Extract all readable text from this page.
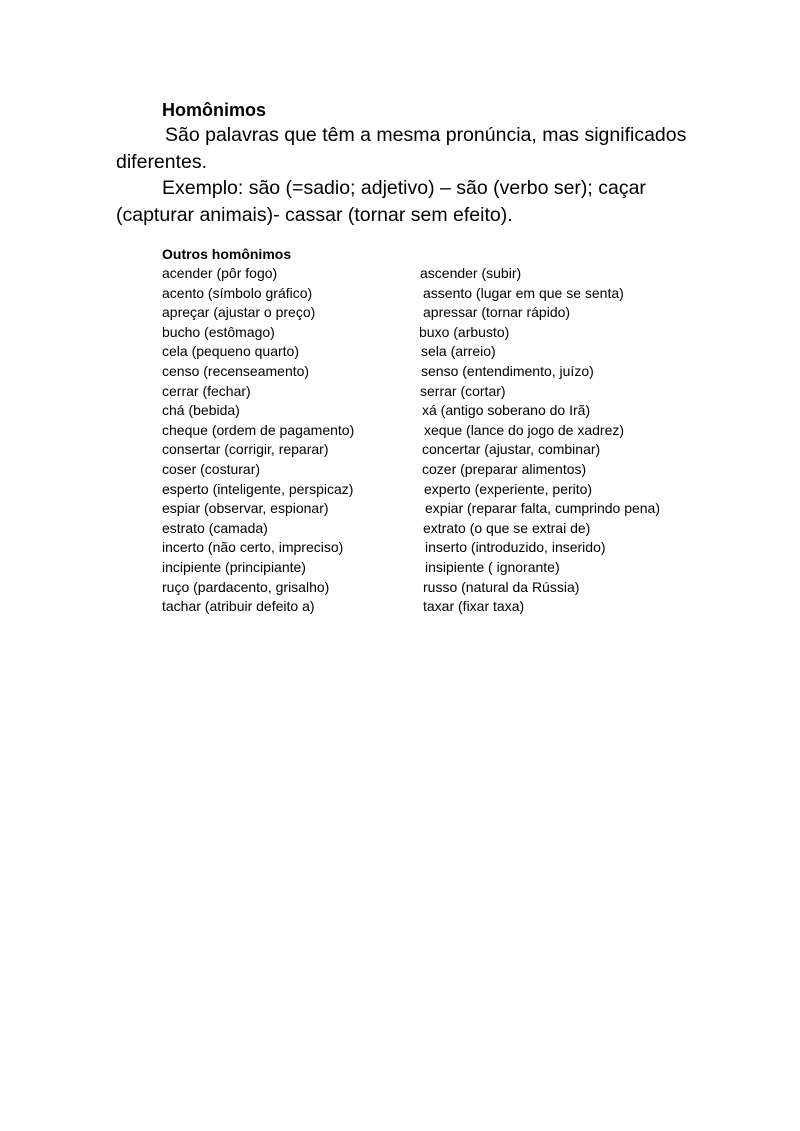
Homônimos

São palavras que têm a mesma pronúncia, mas significados
diferentes.

Exemplo: são (=sadio; adjetivo) – são (verbo ser); caçar
(capturar animais)- cassar (tornar sem efeito).

Outros homônimos
acender (pôr fogo)	ascender (subir)
acento (símbolo gráfico)	assento (lugar em que se senta)
apreçar (ajustar o preço)	apressar (tornar rápido)
bucho (estômago)	buxo (arbusto)
cela (pequeno quarto)	sela (arreio)
censo (recenseamento)	senso (entendimento, juízo)
cerrar (fechar)	serrar (cortar)
chá (bebida)	xá (antigo soberano do Irã)
cheque (ordem de pagamento)	xeque (lance do jogo de xadrez)
consertar (corrigir, reparar)	concertar (ajustar, combinar)
coser (costurar)	cozer (preparar alimentos)
esperto (inteligente, perspicaz)	experto (experiente, perito)
espiar (observar, espionar)	expiar (reparar falta, cumprindo pena)
estrato (camada)	extrato (o que se extrai de)
incerto (não certo, impreciso)	inserto (introduzido, inserido)
incipiente (principiante)	insipiente ( ignorante)
ruço (pardacento, grisalho)	russo (natural da Rússia)
tachar (atribuir defeito a)	taxar (fixar taxa)
